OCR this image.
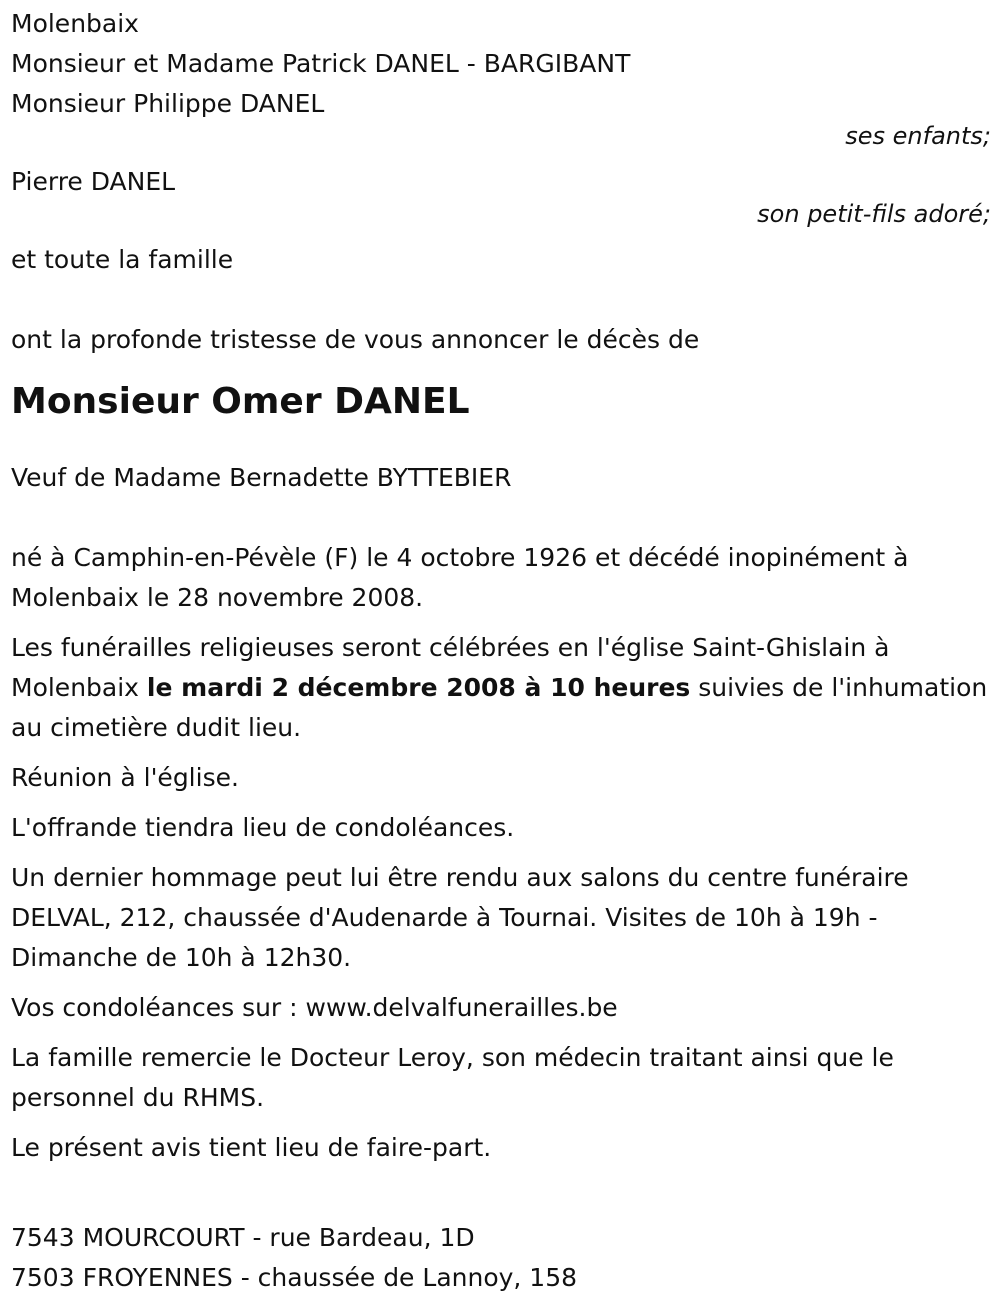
Molenbaix
Monsieur et Madame Patrick DANEL - BARGIBANT
Monsieur Philippe DANEL
ses enfants;
Pierre DANEL
son petit-fils adoré;
et toute la famille
ont la profonde tristesse de vous annoncer le décès de
Monsieur Omer DANEL
Veuf de Madame Bernadette BYTTEBIER

né à Camphin-en-Pévèle (F) le 4 octobre 1926 et décédé inopinément à Molenbaix le 28 novembre 2008.

Les funérailles religieuses seront célébrées en l'église Saint-Ghislain à Molenbaix le mardi 2 décembre 2008 à 10 heures suivies de l'inhumation au cimetière dudit lieu.

Réunion à l'église.

L'offrande tiendra lieu de condoléances.

Un dernier hommage peut lui être rendu aux salons du centre funéraire DELVAL, 212, chaussée d'Audenarde à Tournai. Visites de 10h à 19h - Dimanche de 10h à 12h30.

Vos condoléances sur : www.delvalfunerailles.be

La famille remercie le Docteur Leroy, son médecin traitant ainsi que le personnel du RHMS.

Le présent avis tient lieu de faire-part.

7543 MOURCOURT - rue Bardeau, 1D
7503 FROYENNES - chaussée de Lannoy, 158
